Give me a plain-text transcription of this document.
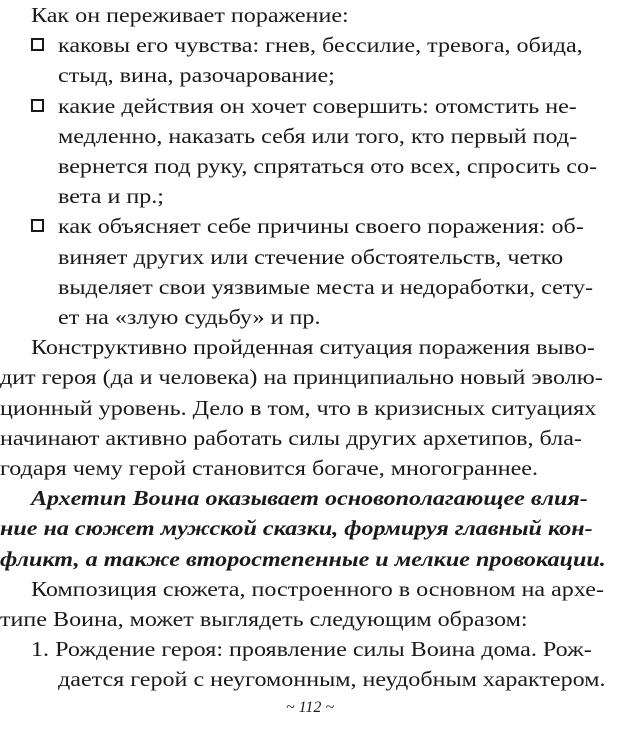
Как он переживает поражение:
каковы его чувства: гнев, бессилие, тревога, обида,
стыд, вина, разочарование;
какие действия он хочет совершить: отомстить не-
медленно, наказать себя или того, кто первый под-
вернется под руку, спрятаться ото всех, спросить со-
вета и пр.;
как объясняет себе причины своего поражения: об-
виняет других или стечение обстоятельств, четко
выделяет свои уязвимые места и недоработки, сету-
ет на «злую судьбу» и пр.
Конструктивно пройденная ситуация поражения выво-
дит героя (да и человека) на принципиально новый эволю-
ционный уровень. Дело в том, что в кризисных ситуациях
начинают активно работать силы других архетипов, бла-
годаря чему герой становится богаче, многограннее.
Архетип Воина оказывает основополагающее влия-
ние на сюжет мужской сказки, формируя главный кон-
фликт, а также второстепенные и мелкие провокации.
Композиция сюжета, построенного в основном на архе-
типе Воина, может выглядеть следующим образом:
1. Рождение героя: проявление силы Воина дома. Рож-
дается герой с неугомонным, неудобным характером.
~ 112 ~
